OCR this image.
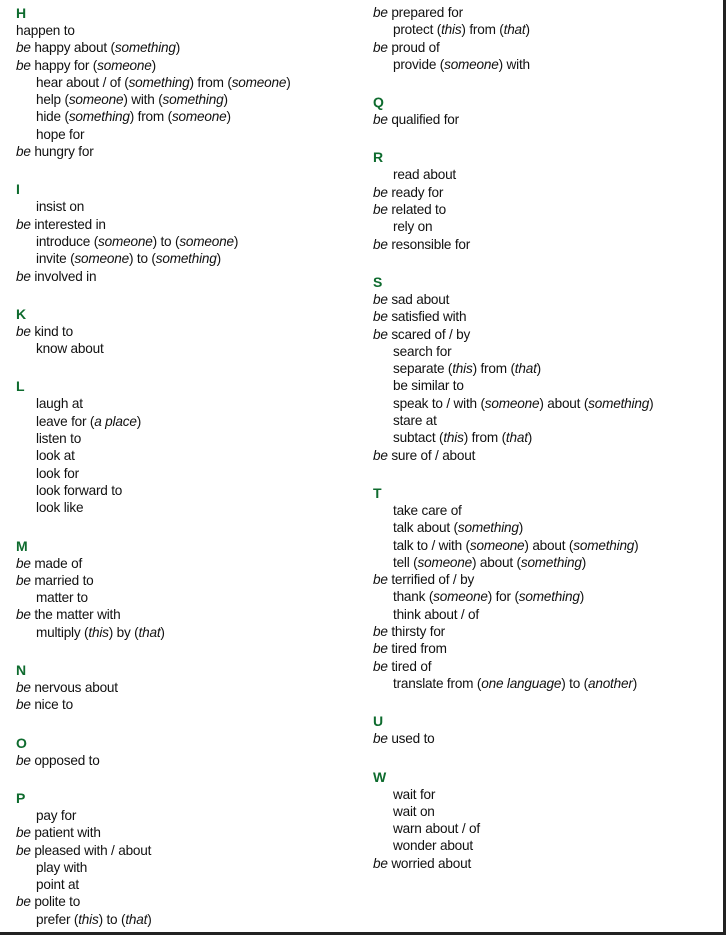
H
happen to
be happy about (something)
be happy for (someone)
hear about / of (something) from (someone)
help (someone) with (something)
hide (something) from (someone)
hope for
be hungry for
I
insist on
be interested in
introduce (someone) to (someone)
invite (someone) to (something)
be involved in
K
be kind to
know about
L
laugh at
leave for (a place)
listen to
look at
look for
look forward to
look like
M
be made of
be married to
matter to
be the matter with
multiply (this) by (that)
N
be nervous about
be nice to
O
be opposed to
P
pay for
be patient with
be pleased with / about
play with
point at
be polite to
prefer (this) to (that)
be prepared for
protect (this) from (that)
be proud of
provide (someone) with
Q
be qualified for
R
read about
be ready for
be related to
rely on
be resonsible for
S
be sad about
be satisfied with
be scared of / by
search for
separate (this) from (that)
be similar to
speak to / with (someone) about (something)
stare at
subtact (this) from (that)
be sure of / about
T
take care of
talk about (something)
talk to / with (someone) about (something)
tell (someone) about (something)
be terrified of / by
thank (someone) for (something)
think about / of
be thirsty for
be tired from
be tired of
translate from (one language) to (another)
U
be used to
W
wait for
wait on
warn about / of
wonder about
be worried about
